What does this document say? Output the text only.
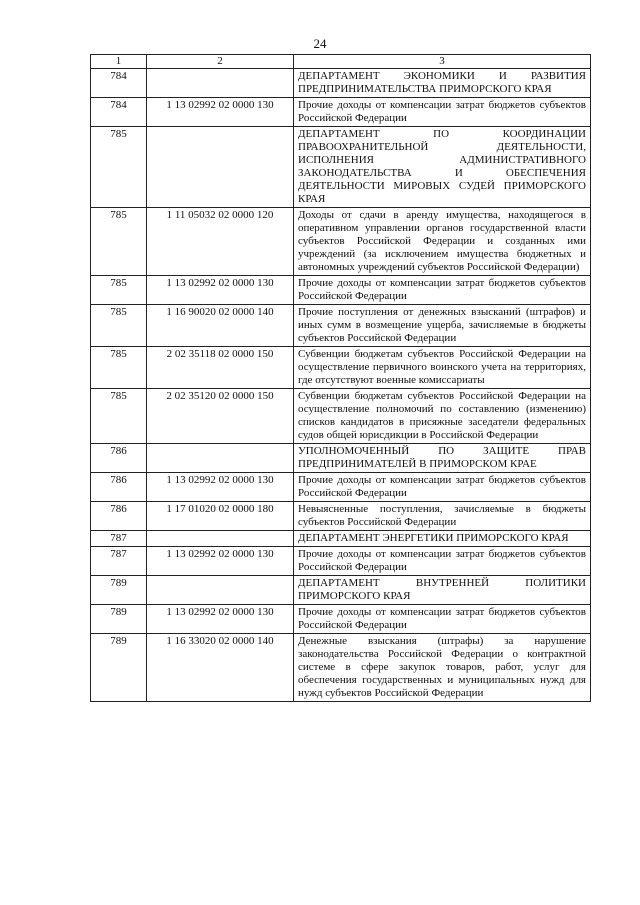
24
1	2	3
784		ДЕПАРТАМЕНТ ЭКОНОМИКИ И РАЗВИТИЯ ПРЕДПРИНИМАТЕЛЬСТВА ПРИМОРСКОГО КРАЯ
784	1 13 02992 02 0000 130	Прочие доходы от компенсации затрат бюджетов субъектов Российской Федерации
785		ДЕПАРТАМЕНТ ПО КООРДИНАЦИИ ПРАВООХРАНИТЕЛЬНОЙ ДЕЯТЕЛЬНОСТИ, ИСПОЛНЕНИЯ АДМИНИСТРАТИВНОГО ЗАКОНОДАТЕЛЬСТВА И ОБЕСПЕЧЕНИЯ ДЕЯТЕЛЬНОСТИ МИРОВЫХ СУДЕЙ ПРИМОРСКОГО КРАЯ
785	1 11 05032 02 0000 120	Доходы от сдачи в аренду имущества, находящегося в оперативном управлении органов государственной власти субъектов Российской Федерации и созданных ими учреждений (за исключением имущества бюджетных и автономных учреждений субъектов Российской Федерации)
785	1 13 02992 02 0000 130	Прочие доходы от компенсации затрат бюджетов субъектов Российской Федерации
785	1 16 90020 02 0000 140	Прочие поступления от денежных взысканий (штрафов) и иных сумм в возмещение ущерба, зачисляемые в бюджеты субъектов Российской Федерации
785	2 02 35118 02 0000 150	Субвенции бюджетам субъектов Российской Федерации на осуществление первичного воинского учета на территориях, где отсутствуют военные комиссариаты
785	2 02 35120 02 0000 150	Субвенции бюджетам субъектов Российской Федерации на осуществление полномочий по составлению (изменению) списков кандидатов в присяжные заседатели федеральных судов общей юрисдикции в Российской Федерации
786		УПОЛНОМОЧЕННЫЙ ПО ЗАЩИТЕ ПРАВ ПРЕДПРИНИМАТЕЛЕЙ В ПРИМОРСКОМ КРАЕ
786	1 13 02992 02 0000 130	Прочие доходы от компенсации затрат бюджетов субъектов Российской Федерации
786	1 17 01020 02 0000 180	Невыясненные поступления, зачисляемые в бюджеты субъектов Российской Федерации
787		ДЕПАРТАМЕНТ ЭНЕРГЕТИКИ ПРИМОРСКОГО КРАЯ
787	1 13 02992 02 0000 130	Прочие доходы от компенсации затрат бюджетов субъектов Российской Федерации
789		ДЕПАРТАМЕНТ ВНУТРЕННЕЙ ПОЛИТИКИ ПРИМОРСКОГО КРАЯ
789	1 13 02992 02 0000 130	Прочие доходы от компенсации затрат бюджетов субъектов Российской Федерации
789	1 16 33020 02 0000 140	Денежные взыскания (штрафы) за нарушение законодательства Российской Федерации о контрактной системе в сфере закупок товаров, работ, услуг для обеспечения государственных и муниципальных нужд для нужд субъектов Российской Федерации
